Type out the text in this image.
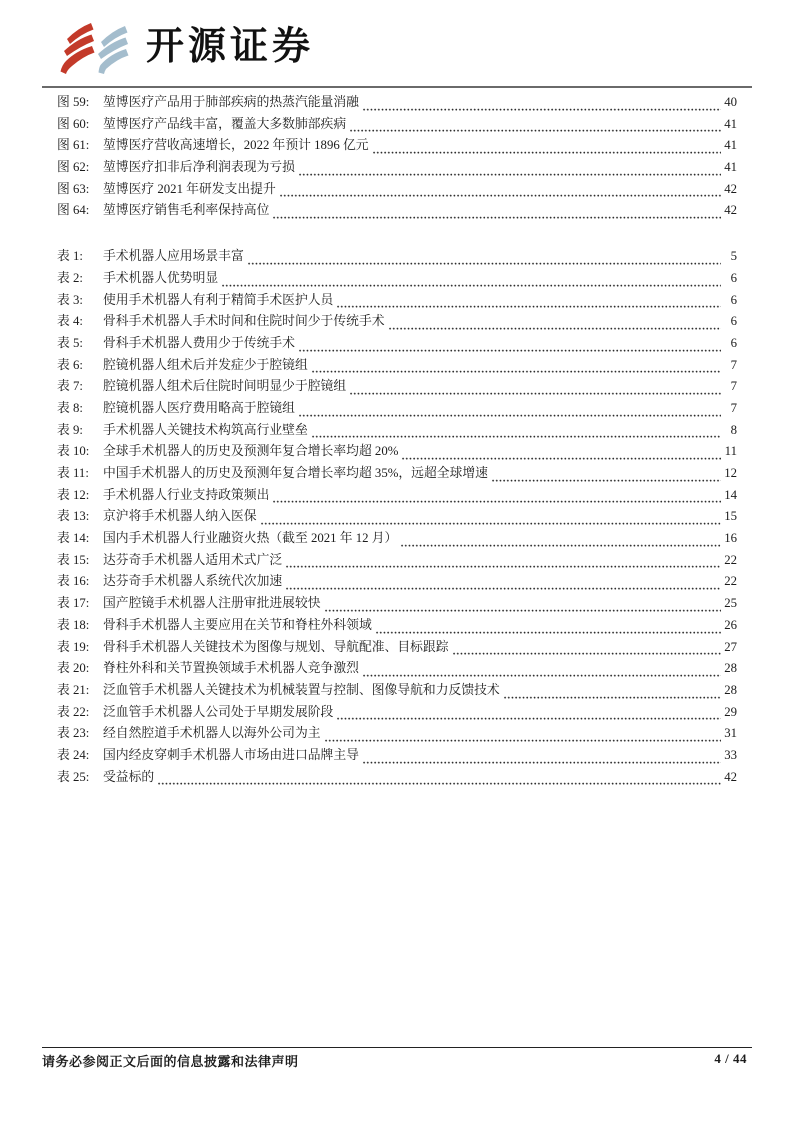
开源证券
图 59:	堃博医疗产品用于肺部疾病的热蒸汽能量消融	40
图 60:	堃博医疗产品线丰富，覆盖大多数肺部疾病	41
图 61:	堃博医疗营收高速增长，2022 年预计 1896 亿元	41
图 62:	堃博医疗扣非后净利润表现为亏损	41
图 63:	堃博医疗 2021 年研发支出提升	42
图 64:	堃博医疗销售毛利率保持高位	42
表 1:	手术机器人应用场景丰富	5
表 2:	手术机器人优势明显	6
表 3:	使用手术机器人有利于精简手术医护人员	6
表 4:	骨科手术机器人手术时间和住院时间少于传统手术	6
表 5:	骨科手术机器人费用少于传统手术	6
表 6:	腔镜机器人组术后并发症少于腔镜组	7
表 7:	腔镜机器人组术后住院时间明显少于腔镜组	7
表 8:	腔镜机器人医疗费用略高于腔镜组	7
表 9:	手术机器人关键技术构筑高行业壁垒	8
表 10:	全球手术机器人的历史及预测年复合增长率均超 20%	11
表 11:	中国手术机器人的历史及预测年复合增长率均超 35%，远超全球增速	12
表 12:	手术机器人行业支持政策频出	14
表 13:	京沪将手术机器人纳入医保	15
表 14:	国内手术机器人行业融资火热（截至 2021 年 12 月）	16
表 15:	达芬奇手术机器人适用术式广泛	22
表 16:	达芬奇手术机器人系统代次加速	22
表 17:	国产腔镜手术机器人注册审批进展较快	25
表 18:	骨科手术机器人主要应用在关节和脊柱外科领域	26
表 19:	骨科手术机器人关键技术为图像与规划、导航配准、目标跟踪	27
表 20:	脊柱外科和关节置换领域手术机器人竞争激烈	28
表 21:	泛血管手术机器人关键技术为机械装置与控制、图像导航和力反馈技术	28
表 22:	泛血管手术机器人公司处于早期发展阶段	29
表 23:	经自然腔道手术机器人以海外公司为主	31
表 24:	国内经皮穿刺手术机器人市场由进口品牌主导	33
表 25:	受益标的	42
请务必参阅正文后面的信息披露和法律声明	4 / 44
